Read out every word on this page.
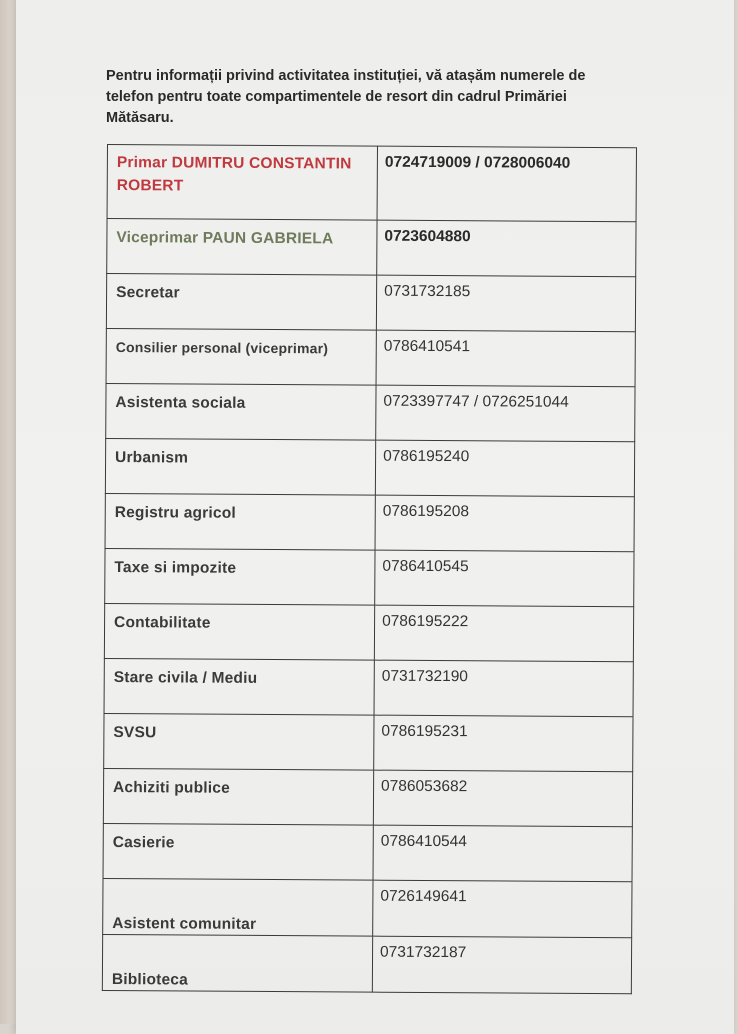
Pentru informații privind activitatea instituției, vă atașăm numerele de telefon pentru toate compartimentele de resort din cadrul Primăriei Mătăsaru.

Primar DUMITRU CONSTANTIN ROBERT	0724719009 / 0728006040
Viceprimar PAUN GABRIELA	0723604880
Secretar	0731732185
Consilier personal (viceprimar)	0786410541
Asistenta sociala	0723397747 / 0726251044
Urbanism	0786195240
Registru agricol	0786195208
Taxe si impozite	0786410545
Contabilitate	0786195222
Stare civila / Mediu	0731732190
SVSU	0786195231
Achiziti publice	0786053682
Casierie	0786410544
Asistent comunitar	0726149641
Biblioteca	0731732187
